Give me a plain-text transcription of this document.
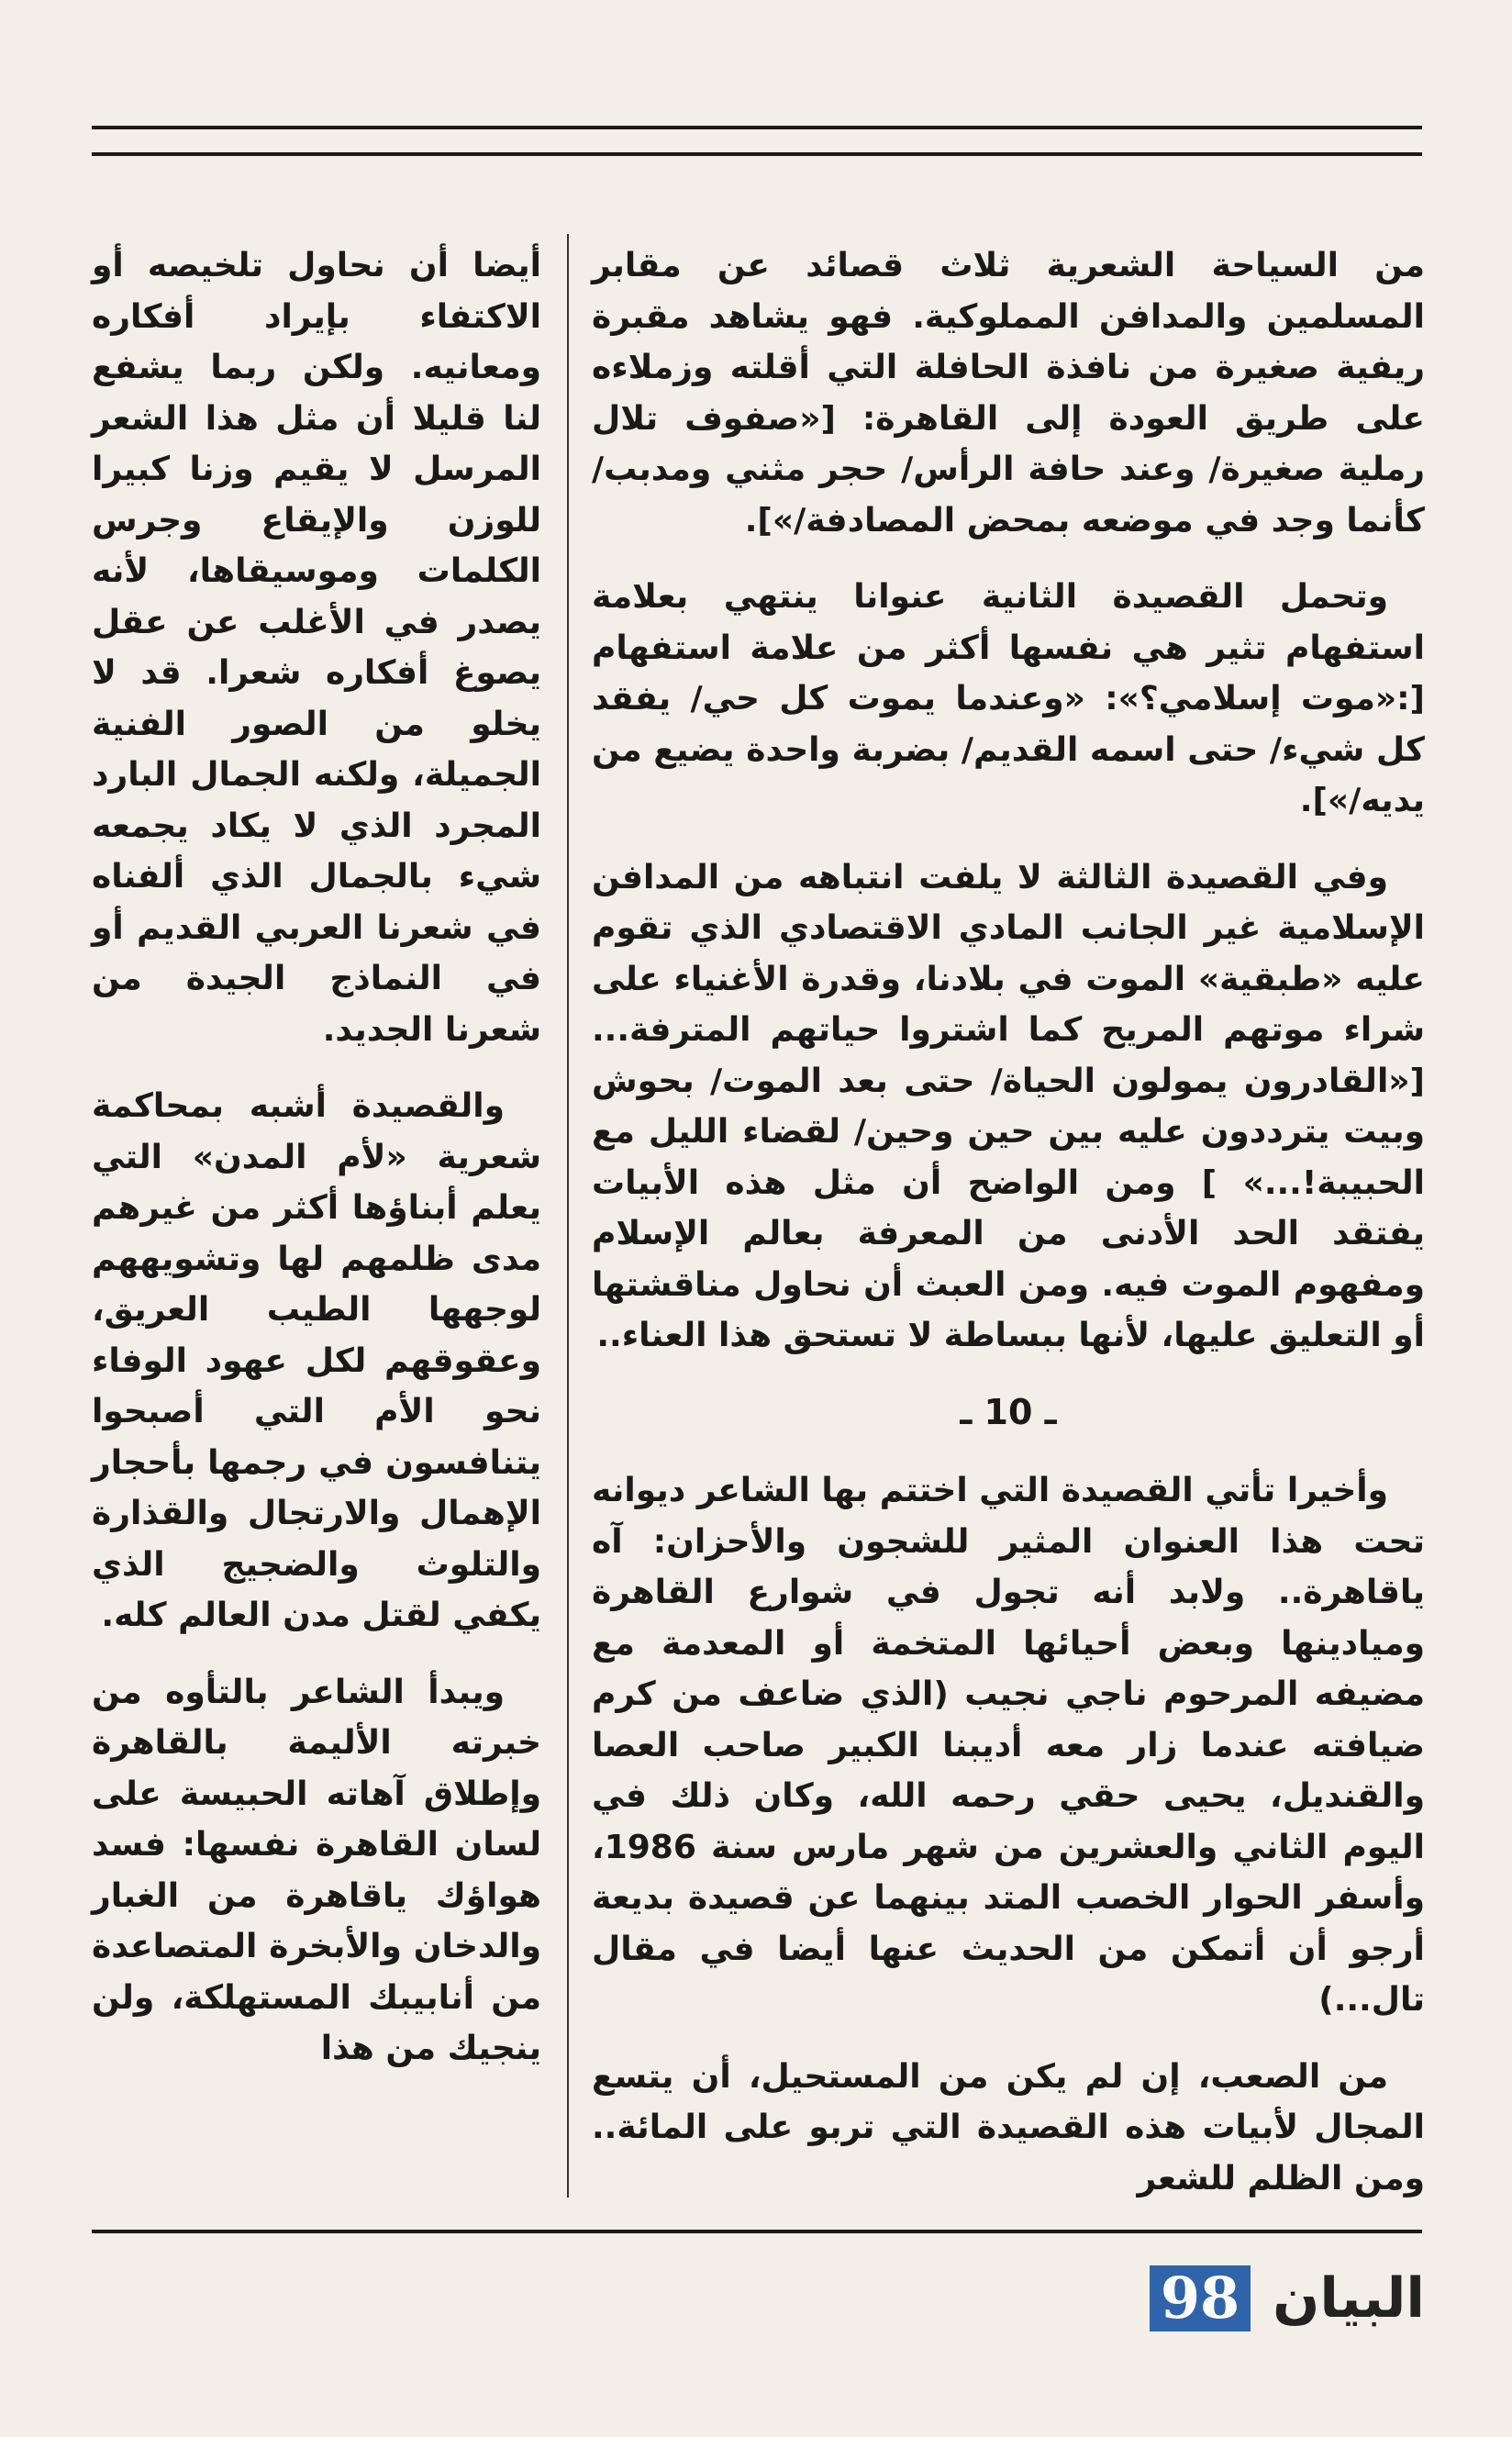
من السياحة الشعرية ثلاث قصائد عن مقابر المسلمين والمدافن المملوكية. فهو يشاهد مقبرة ريفية صغيرة من نافذة الحافلة التي أقلته وزملاءه على طريق العودة إلى القاهرة: [«صفوف تلال رملية صغيرة/ وعند حافة الرأس/ حجر مثني ومدبب/ كأنما وجد في موضعه بمحض المصادفة/»].

وتحمل القصيدة الثانية عنوانا ينتهي بعلامة استفهام تثير هي نفسها أكثر من علامة استفهام [:«موت إسلامي؟»: «وعندما يموت كل حي/ يفقد كل شيء/ حتى اسمه القديم/ بضربة واحدة يضيع من يديه/»].

وفي القصيدة الثالثة لا يلفت انتباهه من المدافن الإسلامية غير الجانب المادي الاقتصادي الذي تقوم عليه «طبقية» الموت في بلادنا، وقدرة الأغنياء على شراء موتهم المريح كما اشتروا حياتهم المترفة... [«القادرون يمولون الحياة/ حتى بعد الموت/ بحوش وبيت يترددون عليه بين حين وحين/ لقضاء الليل مع الحبيبة!...» ] ومن الواضح أن مثل هذه الأبيات يفتقد الحد الأدنى من المعرفة بعالم الإسلام ومفهوم الموت فيه. ومن العبث أن نحاول مناقشتها أو التعليق عليها، لأنها ببساطة لا تستحق هذا العناء..

ـ 10 ـ

وأخيرا تأتي القصيدة التي اختتم بها الشاعر ديوانه تحت هذا العنوان المثير للشجون والأحزان: آه ياقاهرة.. ولابد أنه تجول في شوارع القاهرة وميادينها وبعض أحيائها المتخمة أو المعدمة مع مضيفه المرحوم ناجي نجيب (الذي ضاعف من كرم ضيافته عندما زار معه أديبنا الكبير صاحب العصا والقنديل، يحيى حقي رحمه الله، وكان ذلك في اليوم الثاني والعشرين من شهر مارس سنة 1986، وأسفر الحوار الخصب المتد بينهما عن قصيدة بديعة أرجو أن أتمكن من الحديث عنها أيضا في مقال تال...)

من الصعب، إن لم يكن من المستحيل، أن يتسع المجال لأبيات هذه القصيدة التي تربو على المائة.. ومن الظلم للشعر

أيضا أن نحاول تلخيصه أو الاكتفاء بإيراد أفكاره ومعانيه. ولكن ربما يشفع لنا قليلا أن مثل هذا الشعر المرسل لا يقيم وزنا كبيرا للوزن والإيقاع وجرس الكلمات وموسيقاها، لأنه يصدر في الأغلب عن عقل يصوغ أفكاره شعرا. قد لا يخلو من الصور الفنية الجميلة، ولكنه الجمال البارد المجرد الذي لا يكاد يجمعه شيء بالجمال الذي ألفناه في شعرنا العربي القديم أو في النماذج الجيدة من شعرنا الجديد.

والقصيدة أشبه بمحاكمة شعرية «لأم المدن» التي يعلم أبناؤها أكثر من غيرهم مدى ظلمهم لها وتشويههم لوجهها الطيب العريق، وعقوقهم لكل عهود الوفاء نحو الأم التي أصبحوا يتنافسون في رجمها بأحجار الإهمال والارتجال والقذارة والتلوث والضجيج الذي يكفي لقتل مدن العالم كله.

ويبدأ الشاعر بالتأوه من خبرته الأليمة بالقاهرة وإطلاق آهاته الحبيسة على لسان القاهرة نفسها: فسد هواؤك ياقاهرة من الغبار والدخان والأبخرة المتصاعدة من أنابيبك المستهلكة، ولن ينجيك من هذا

98 البيان
